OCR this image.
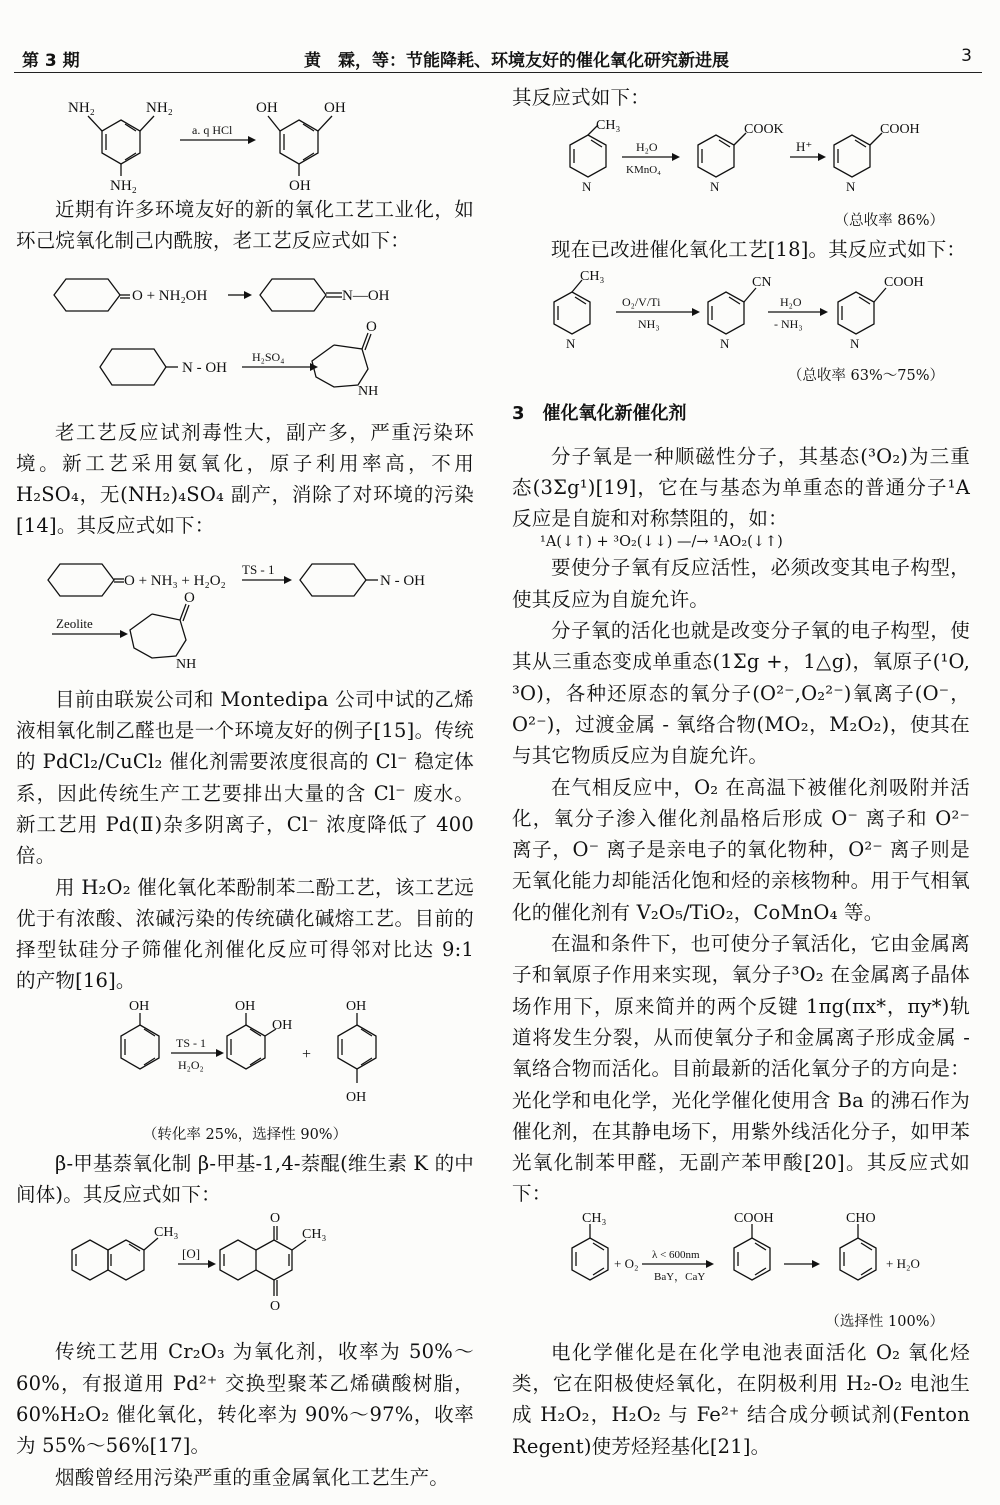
第 3 期	黄　霖，等：节能降耗、环境友好的催化氧化研究新进展	3
NH₂	NH₂
NH₂
a. q HCl
OH	OH
OH

近期有许多环境友好的新的氧化工艺工业化，如环己烷氧化制己内酰胺，老工艺反应式如下：

O + NH₂OH	N—OH
N - OH
H₂SO₄
O
NH

老工艺反应试剂毒性大，副产多，严重污染环境。新工艺采用氨氧化，原子利用率高，不用 H₂SO₄，无(NH₂)₄SO₄ 副产，消除了对环境的污染[14]。其反应式如下：

O + NH₃ + H₂O₂
TS - 1
N - OH
Zeolite
O
NH

目前由联炭公司和 Montedipa 公司中试的乙烯液相氧化制乙醛也是一个环境友好的例子[15]。传统的 PdCl₂/CuCl₂ 催化剂需要浓度很高的 Cl⁻ 稳定体系，因此传统生产工艺要排出大量的含 Cl⁻ 废水。新工艺用 Pd(Ⅱ)杂多阴离子，Cl⁻ 浓度降低了 400 倍。

用 H₂O₂ 催化氧化苯酚制苯二酚工艺，该工艺远优于有浓酸、浓碱污染的传统磺化碱熔工艺。目前的择型钛硅分子筛催化剂催化反应可得邻对比达 9:1 的产物[16]。

OH
TS - 1
H₂O₂
OH
OH
+
OH
OH
（转化率 25%，选择性 90%）

β-甲基萘氧化制 β-甲基-1,4-萘醌(维生素 K 的中间体)。其反应式如下：

CH₃
[O]
O
O
CH₃

传统工艺用 Cr₂O₃ 为氧化剂，收率为 50%～60%，有报道用 Pd²⁺ 交换型聚苯乙烯磺酸树脂，60%H₂O₂ 催化氧化，转化率为 90%～97%，收率为 55%～56%[17]。

烟酸曾经用污染严重的重金属氧化工艺生产。

其反应式如下：

CH₃
H₂O
KMnO₄
COOK
H⁺
COOH
N	N	N
（总收率 86%）

现在已改进催化氧化工艺[18]。其反应式如下：

CH₃
O₂/V/Ti
NH₃
CN
H₂O
- NH₃
COOH
N	N	N
（总收率 63%～75%）
3　催化氧化新催化剂

分子氧是一种顺磁性分子，其基态(³O₂)为三重态(3Σg¹)[19]，它在与基态为单重态的普通分子¹A 反应是自旋和对称禁阻的，如：

¹A(↓↑) + ³O₂(↓↓) —/→ ¹AO₂(↓↑)

要使分子氧有反应活性，必须改变其电子构型，使其反应为自旋允许。

分子氧的活化也就是改变分子氧的电子构型，使其从三重态变成单重态(1Σg +，1△g)，氧原子(¹O, ³O)，各种还原态的氧分子(O²⁻,O₂²⁻)氧离子(O⁻，O²⁻)，过渡金属 - 氧络合物(MO₂，M₂O₂)，使其在与其它物质反应为自旋允许。

在气相反应中，O₂ 在高温下被催化剂吸附并活化，氧分子渗入催化剂晶格后形成 O⁻ 离子和 O²⁻ 离子，O⁻ 离子是亲电子的氧化物种，O²⁻ 离子则是无氧化能力却能活化饱和烃的亲核物种。用于气相氧化的催化剂有 V₂O₅/TiO₂，CoMnO₄ 等。

在温和条件下，也可使分子氧活化，它由金属离子和氧原子作用来实现，氧分子³O₂ 在金属离子晶体场作用下，原来简并的两个反键 1πg(πx*，πy*)轨道将发生分裂，从而使氧分子和金属离子形成金属 - 氧络合物而活化。目前最新的活化氧分子的方向是：光化学和电化学，光化学催化使用含 Ba 的沸石作为催化剂，在其静电场下，用紫外线活化分子，如甲苯光氧化制苯甲醛，无副产苯甲酸[20]。其反应式如下：

CH₃
+ O₂
λ < 600nm
BaY，CaY
COOH	CHO
+ H₂O
（选择性 100%）

电化学催化是在化学电池表面活化 O₂ 氧化烃类，它在阳极使烃氧化，在阴极利用 H₂-O₂ 电池生成 H₂O₂，H₂O₂ 与 Fe²⁺ 结合成分顿试剂(Fenton Regent)使芳烃羟基化[21]。
